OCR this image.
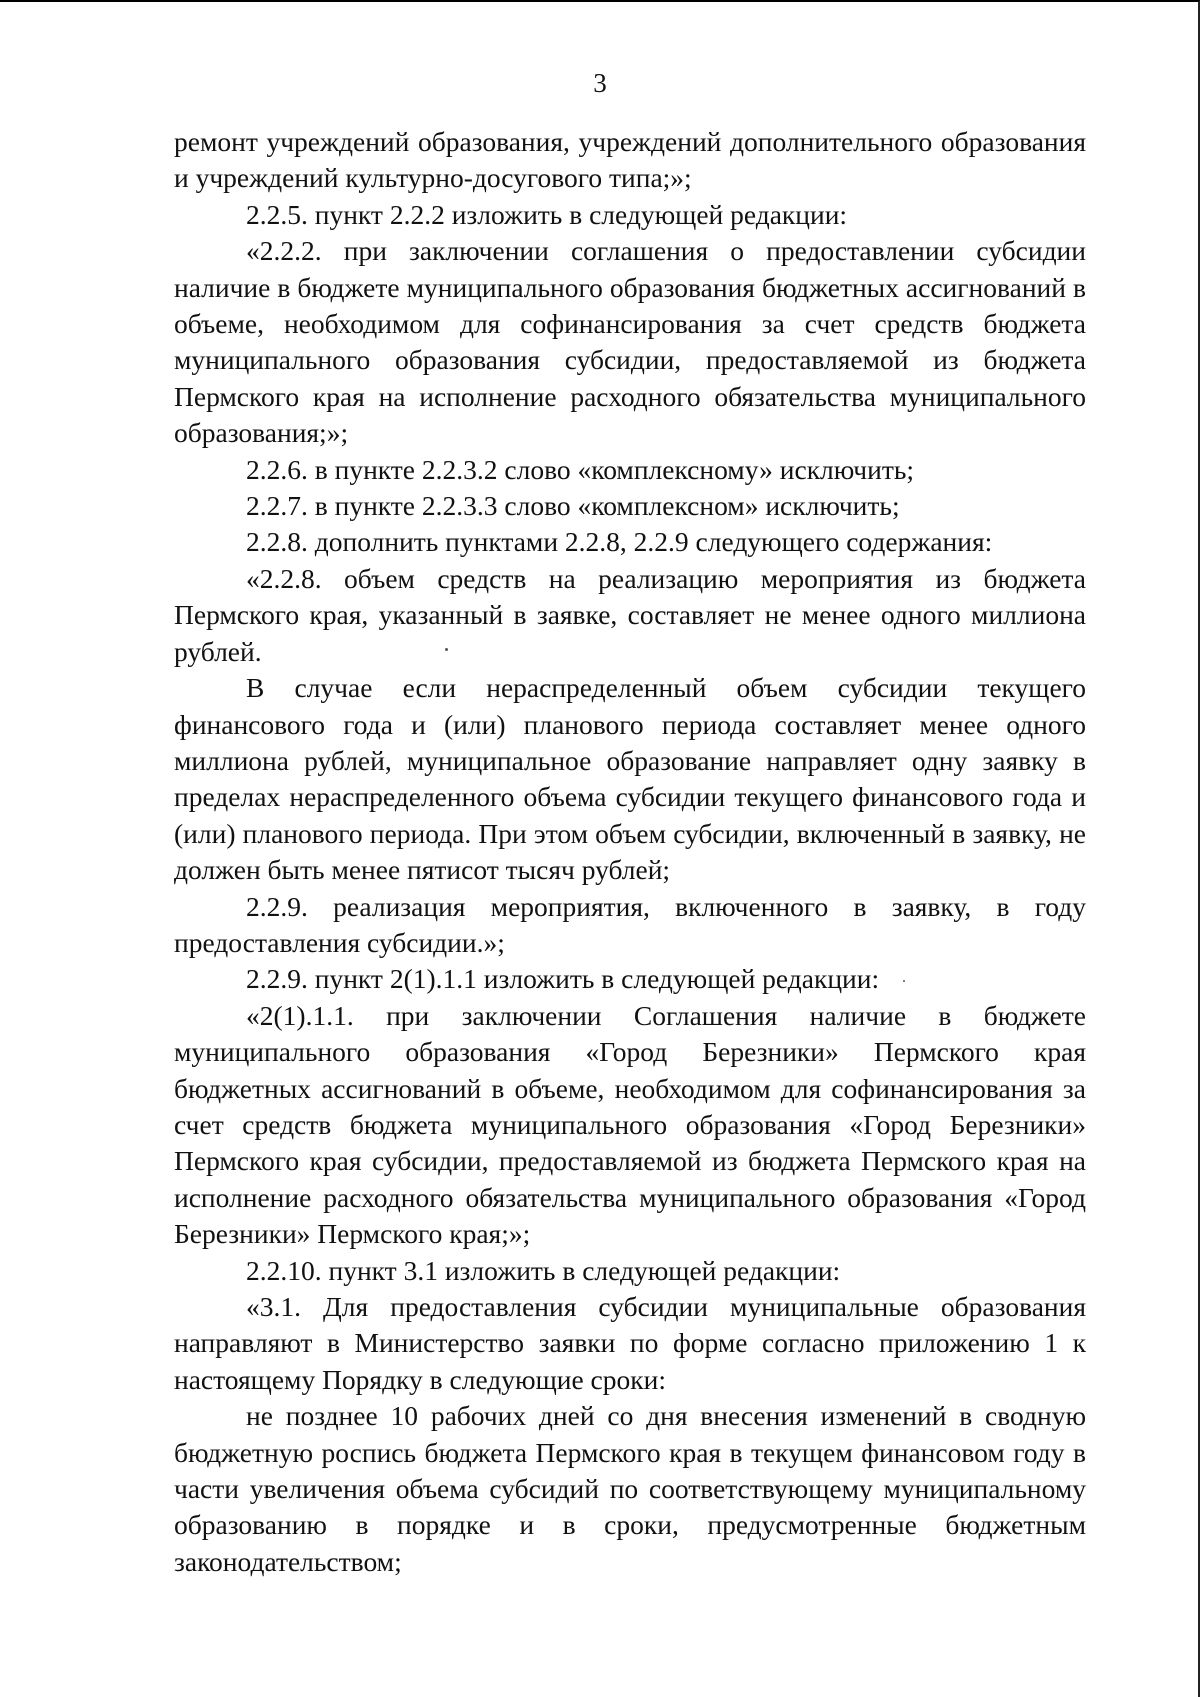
3

ремонт учреждений образования, учреждений дополнительного образования и учреждений культурно-досугового типа;»;

2.2.5. пункт 2.2.2 изложить в следующей редакции:

«2.2.2. при заключении соглашения о предоставлении субсидии наличие в бюджете муниципального образования бюджетных ассигнований в объеме, необходимом для софинансирования за счет средств бюджета муниципального образования субсидии, предоставляемой из бюджета Пермского края на исполнение расходного обязательства муниципального образования;»;

2.2.6. в пункте 2.2.3.2 слово «комплексному» исключить;

2.2.7. в пункте 2.2.3.3 слово «комплексном» исключить;

2.2.8. дополнить пунктами 2.2.8, 2.2.9 следующего содержания:

«2.2.8. объем средств на реализацию мероприятия из бюджета Пермского края, указанный в заявке, составляет не менее одного миллиона рублей.

В случае если нераспределенный объем субсидии текущего финансового года и (или) планового периода составляет менее одного миллиона рублей, муниципальное образование направляет одну заявку в пределах нераспределенного объема субсидии текущего финансового года и (или) планового периода. При этом объем субсидии, включенный в заявку, не должен быть менее пятисот тысяч рублей;

2.2.9. реализация мероприятия, включенного в заявку, в году предоставления субсидии.»;

2.2.9. пункт 2(1).1.1 изложить в следующей редакции:

«2(1).1.1. при заключении Соглашения наличие в бюджете муниципального образования «Город Березники» Пермского края бюджетных ассигнований в объеме, необходимом для софинансирования за счет средств бюджета муниципального образования «Город Березники» Пермского края субсидии, предоставляемой из бюджета Пермского края на исполнение расходного обязательства муниципального образования «Город Березники» Пермского края;»;

2.2.10. пункт 3.1 изложить в следующей редакции:

«3.1. Для предоставления субсидии муниципальные образования направляют в Министерство заявки по форме согласно приложению 1 к настоящему Порядку в следующие сроки:

не позднее 10 рабочих дней со дня внесения изменений в сводную бюджетную роспись бюджета Пермского края в текущем финансовом году в части увеличения объема субсидий по соответствующему муниципальному образованию в порядке и в сроки, предусмотренные бюджетным законодательством;
